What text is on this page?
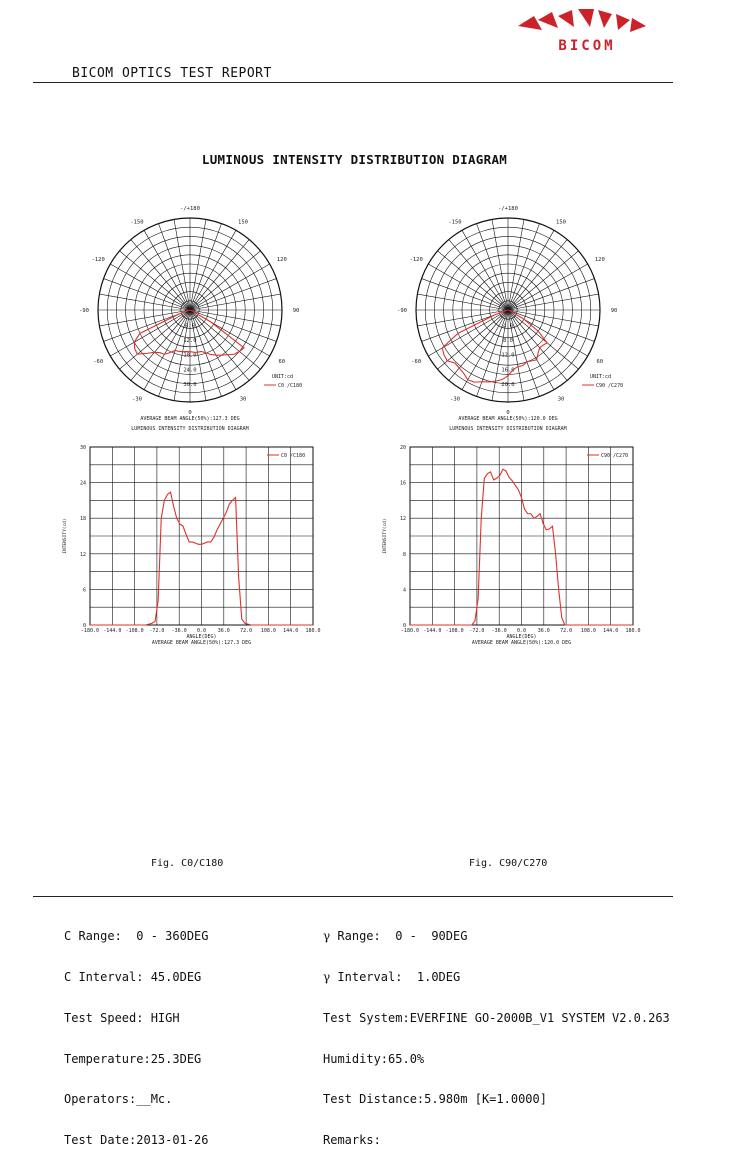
BICOM
BICOM OPTICS TEST REPORT
LUMINOUS INTENSITY DISTRIBUTION DIAGRAM
-/+180
150
120
90
60
30
0
-30
-60
-90
-120
-150
0.0
6.0
12.0
18.0
24.0
30.0
UNIT:cd
C0 /C180
AVERAGE BEAM ANGLE(50%):127.3 DEG
LUMINOUS INTENSITY DISTRIBUTION DIAGRAM
-/+180
150
120
90
60
30
0
-30
-60
-90
-120
-150
0.0
4.0
8.0
12.0
16.0
20.0
UNIT:cd
C90 /C270
AVERAGE BEAM ANGLE(50%):120.0 DEG
LUMINOUS INTENSITY DISTRIBUTION DIAGRAM
-180.0 -144.0 -108.0 -72.0 -36.0 0.0 36.0 72.0 108.0 144.0 180.0
0
6
12
18
24
30
ANGLE(DEG)
AVERAGE BEAM ANGLE(50%):127.3 DEG
INTENSITY(cd)
C0 /C180
-180.0 -144.0 -108.0 -72.0 -36.0 0.0 36.0 72.0 108.0 144.0 180.0
0
4
8
12
16
20
ANGLE(DEG)
AVERAGE BEAM ANGLE(50%):120.0 DEG
INTENSITY(cd)
C90 /C270
Fig. C0/C180	Fig. C90/C270

C Range:  0 - 360DEG

C Interval: 45.0DEG

Test Speed: HIGH

Temperature:25.3DEG

Operators:__Mc.

Test Date:2013-01-26

γ Range:  0 -  90DEG

γ Interval:  1.0DEG

Test System:EVERFINE GO-2000B_V1 SYSTEM V2.0.263

Humidity:65.0%

Test Distance:5.980m [K=1.0000]

Remarks:
